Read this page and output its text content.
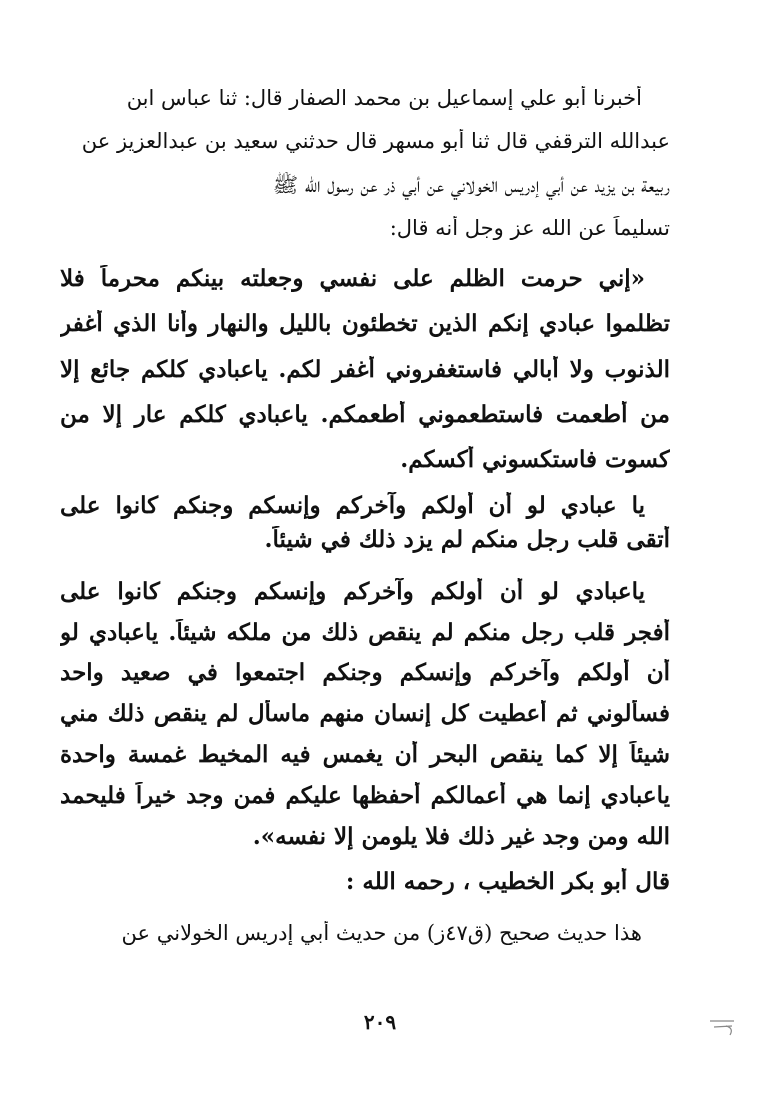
أخبرنا أبو علي إسماعيل بن محمد الصفار قال: ثنا عباس ابن
عبدالله الترقفي قال ثنا أبو مسهر قال حدثني سعيد بن عبدالعزيز عن
ربيعة بن يزيد عن أبي إدريس الخولاني عن أبي ذر عن رسول الله ﷺ
تسليماً عن الله عز وجل أنه قال:
«إني حرمت الظلم على نفسي وجعلته بينكم محرماً فلا
تظلموا عبادي إنكم الذين تخطئون بالليل والنهار وأنا الذي أغفر
الذنوب ولا أبالي فاستغفروني أغفر لكم. ياعبادي كلكم جائع إلا
من أطعمت فاستطعموني أطعمكم. ياعبادي كلكم عار إلا من
كسوت فاستكسوني أكسكم.
يا عبادي لو أن أولكم وآخركم وإنسكم وجنكم كانوا على
أتقى قلب رجل منكم لم يزد ذلك في شيئاً.
ياعبادي لو أن أولكم وآخركم وإنسكم وجنكم كانوا على
أفجر قلب رجل منكم لم ينقص ذلك من ملكه شيئاً. ياعبادي لو
أن أولكم وآخركم وإنسكم وجنكم اجتمعوا في صعيد واحد
فسألوني ثم أعطيت كل إنسان منهم ماسأل لم ينقص ذلك مني
شيئاً إلا كما ينقص البحر أن يغمس فيه المخيط غمسة واحدة
ياعبادي إنما هي أعمالكم أحفظها عليكم فمن وجد خيراً فليحمد
الله ومن وجد غير ذلك فلا يلومن إلا نفسه».
قال أبو بكر الخطيب ، رحمه الله :
هذا حديث صحيح (ق٤٧ز) من حديث أبي إدريس الخولاني عن
٢٠٩
